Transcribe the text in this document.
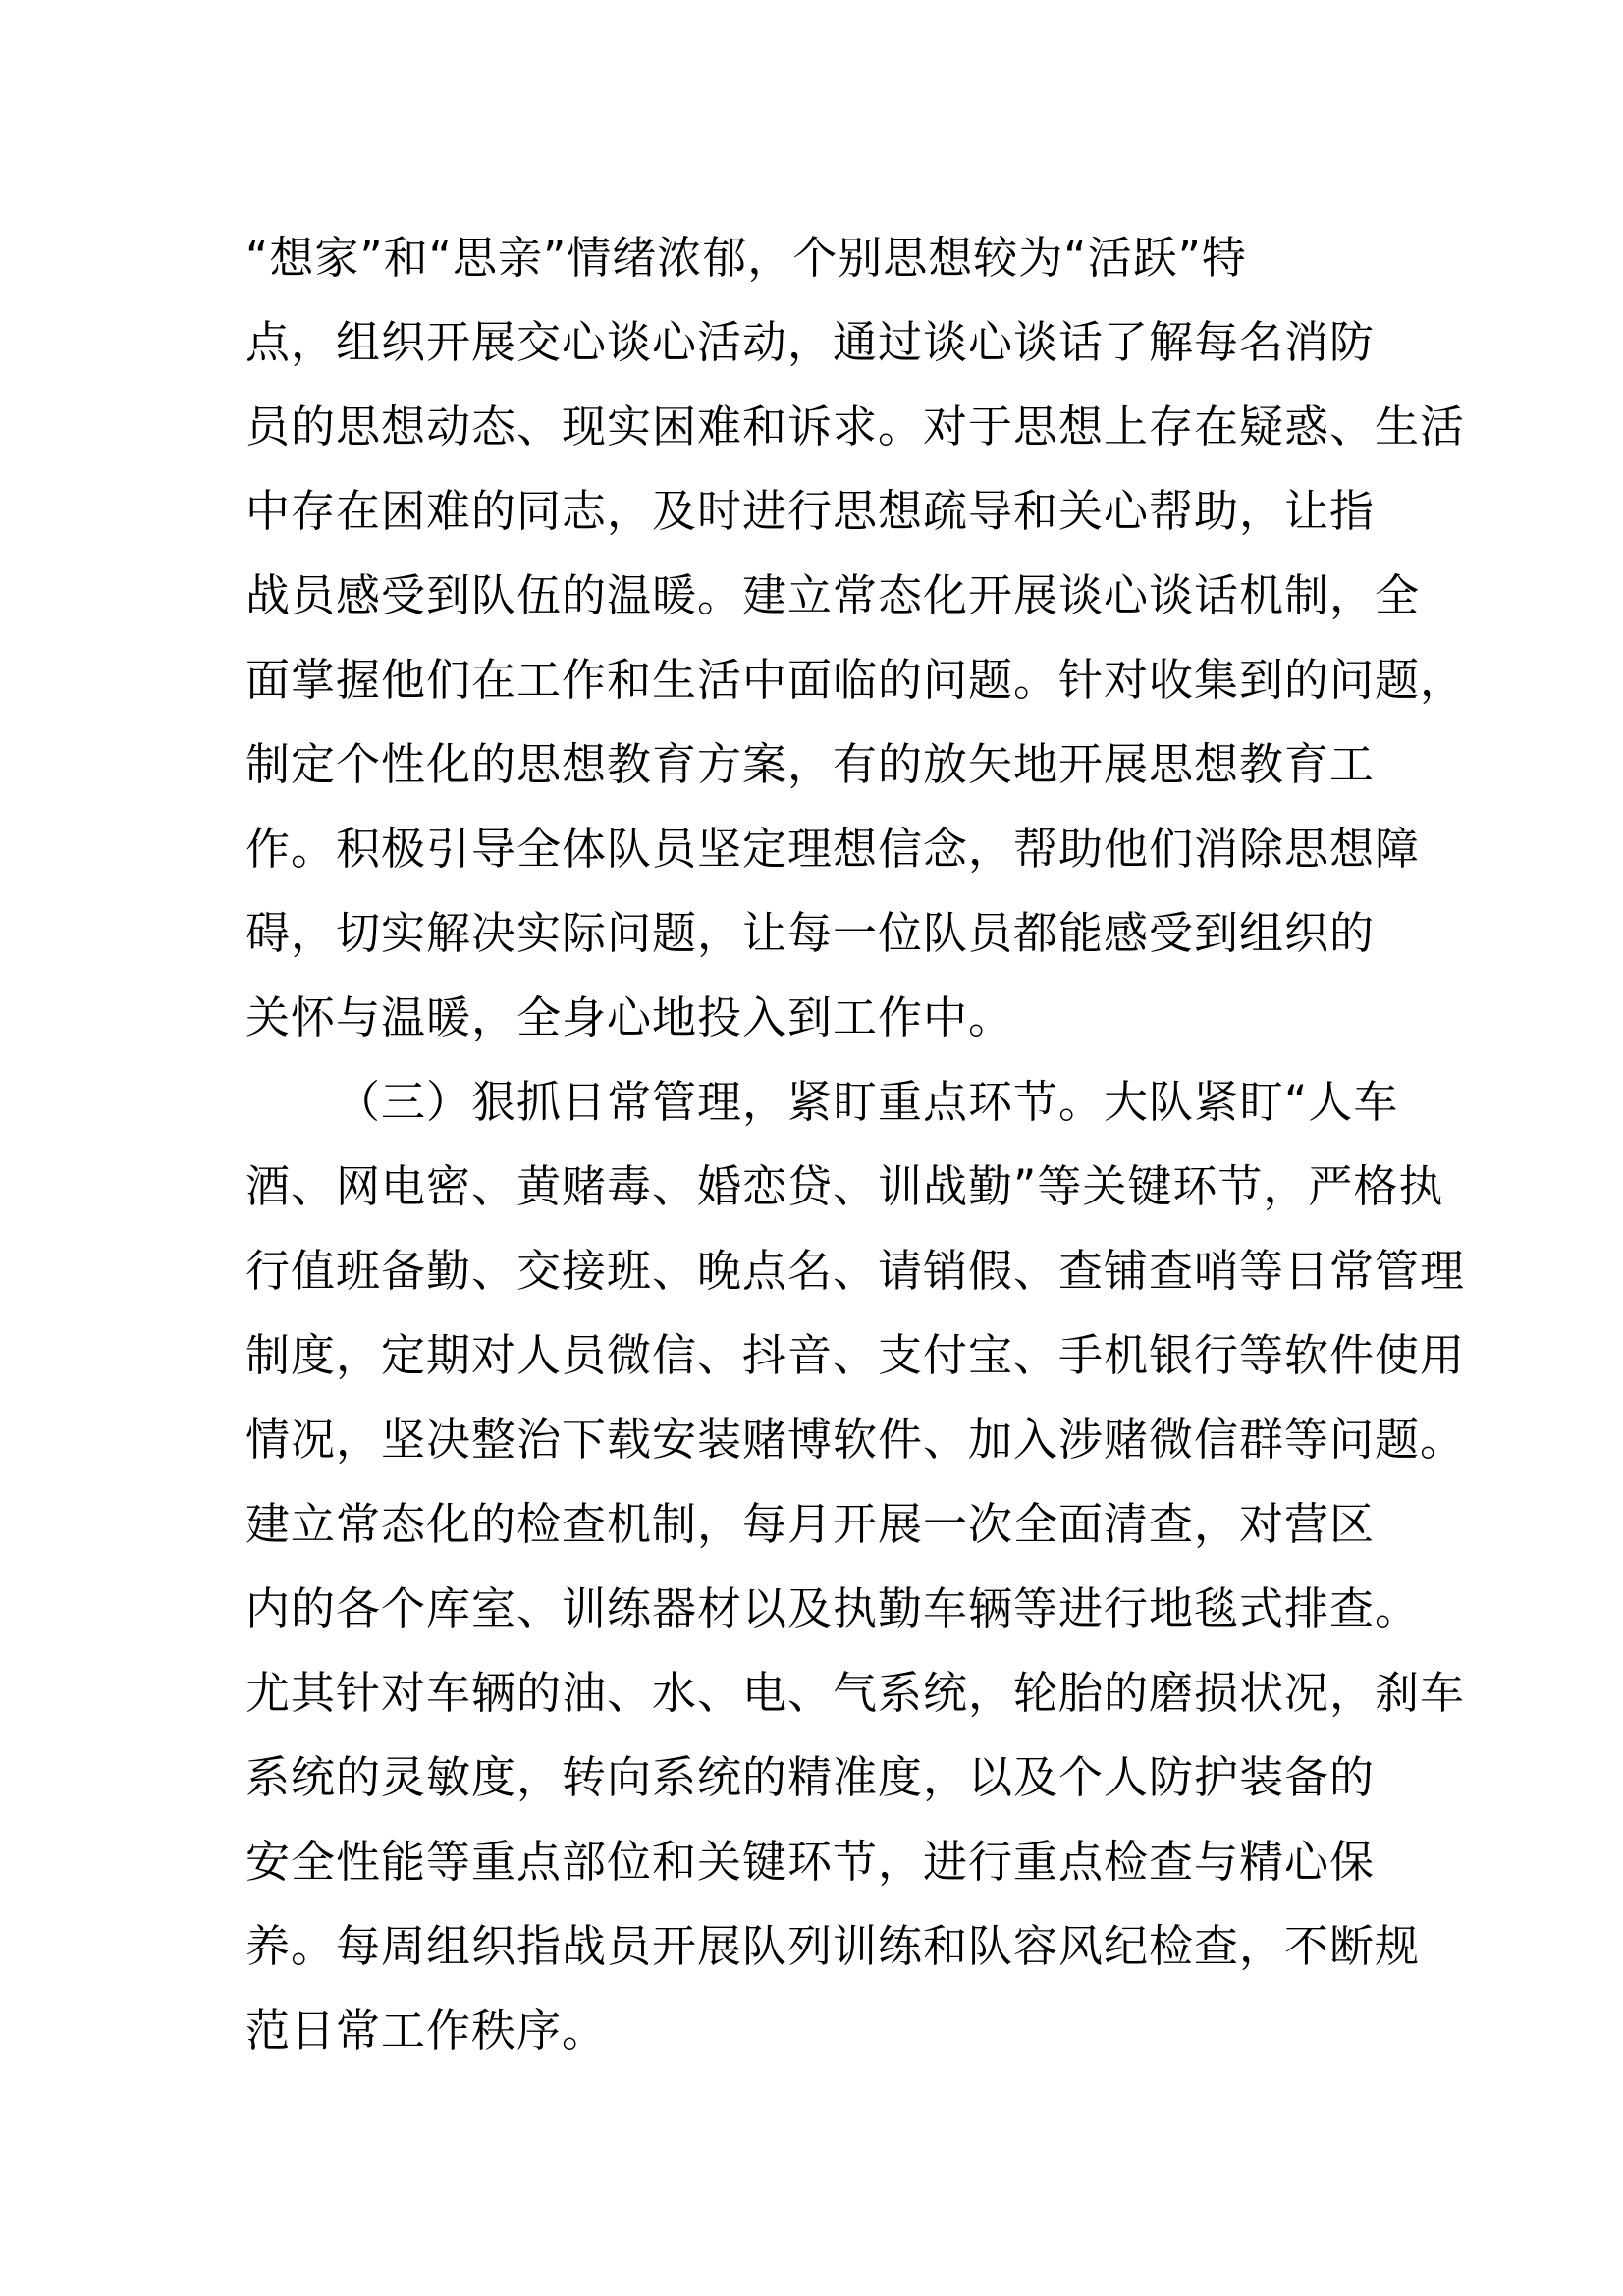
“想家”和“思亲”情绪浓郁，个别思想较为“活跃”特
点，组织开展交心谈心活动，通过谈心谈话了解每名消防
员的思想动态、现实困难和诉求。对于思想上存在疑惑、生活
中存在困难的同志，及时进行思想疏导和关心帮助，让指
战员感受到队伍的温暖。建立常态化开展谈心谈话机制，全
面掌握他们在工作和生活中面临的问题。针对收集到的问题，
制定个性化的思想教育方案，有的放矢地开展思想教育工
作。积极引导全体队员坚定理想信念，帮助他们消除思想障
碍，切实解决实际问题，让每一位队员都能感受到组织的
关怀与温暖，全身心地投入到工作中。
（三）狠抓日常管理，紧盯重点环节。大队紧盯“人车
酒、网电密、黄赌毒、婚恋贷、训战勤”等关键环节，严格执
行值班备勤、交接班、晚点名、请销假、查铺查哨等日常管理
制度，定期对人员微信、抖音、支付宝、手机银行等软件使用
情况，坚决整治下载安装赌博软件、加入涉赌微信群等问题。
建立常态化的检查机制，每月开展一次全面清查，对营区
内的各个库室、训练器材以及执勤车辆等进行地毯式排查。
尤其针对车辆的油、水、电、气系统，轮胎的磨损状况，刹车
系统的灵敏度，转向系统的精准度，以及个人防护装备的
安全性能等重点部位和关键环节，进行重点检查与精心保
养。每周组织指战员开展队列训练和队容风纪检查，不断规
范日常工作秩序。
